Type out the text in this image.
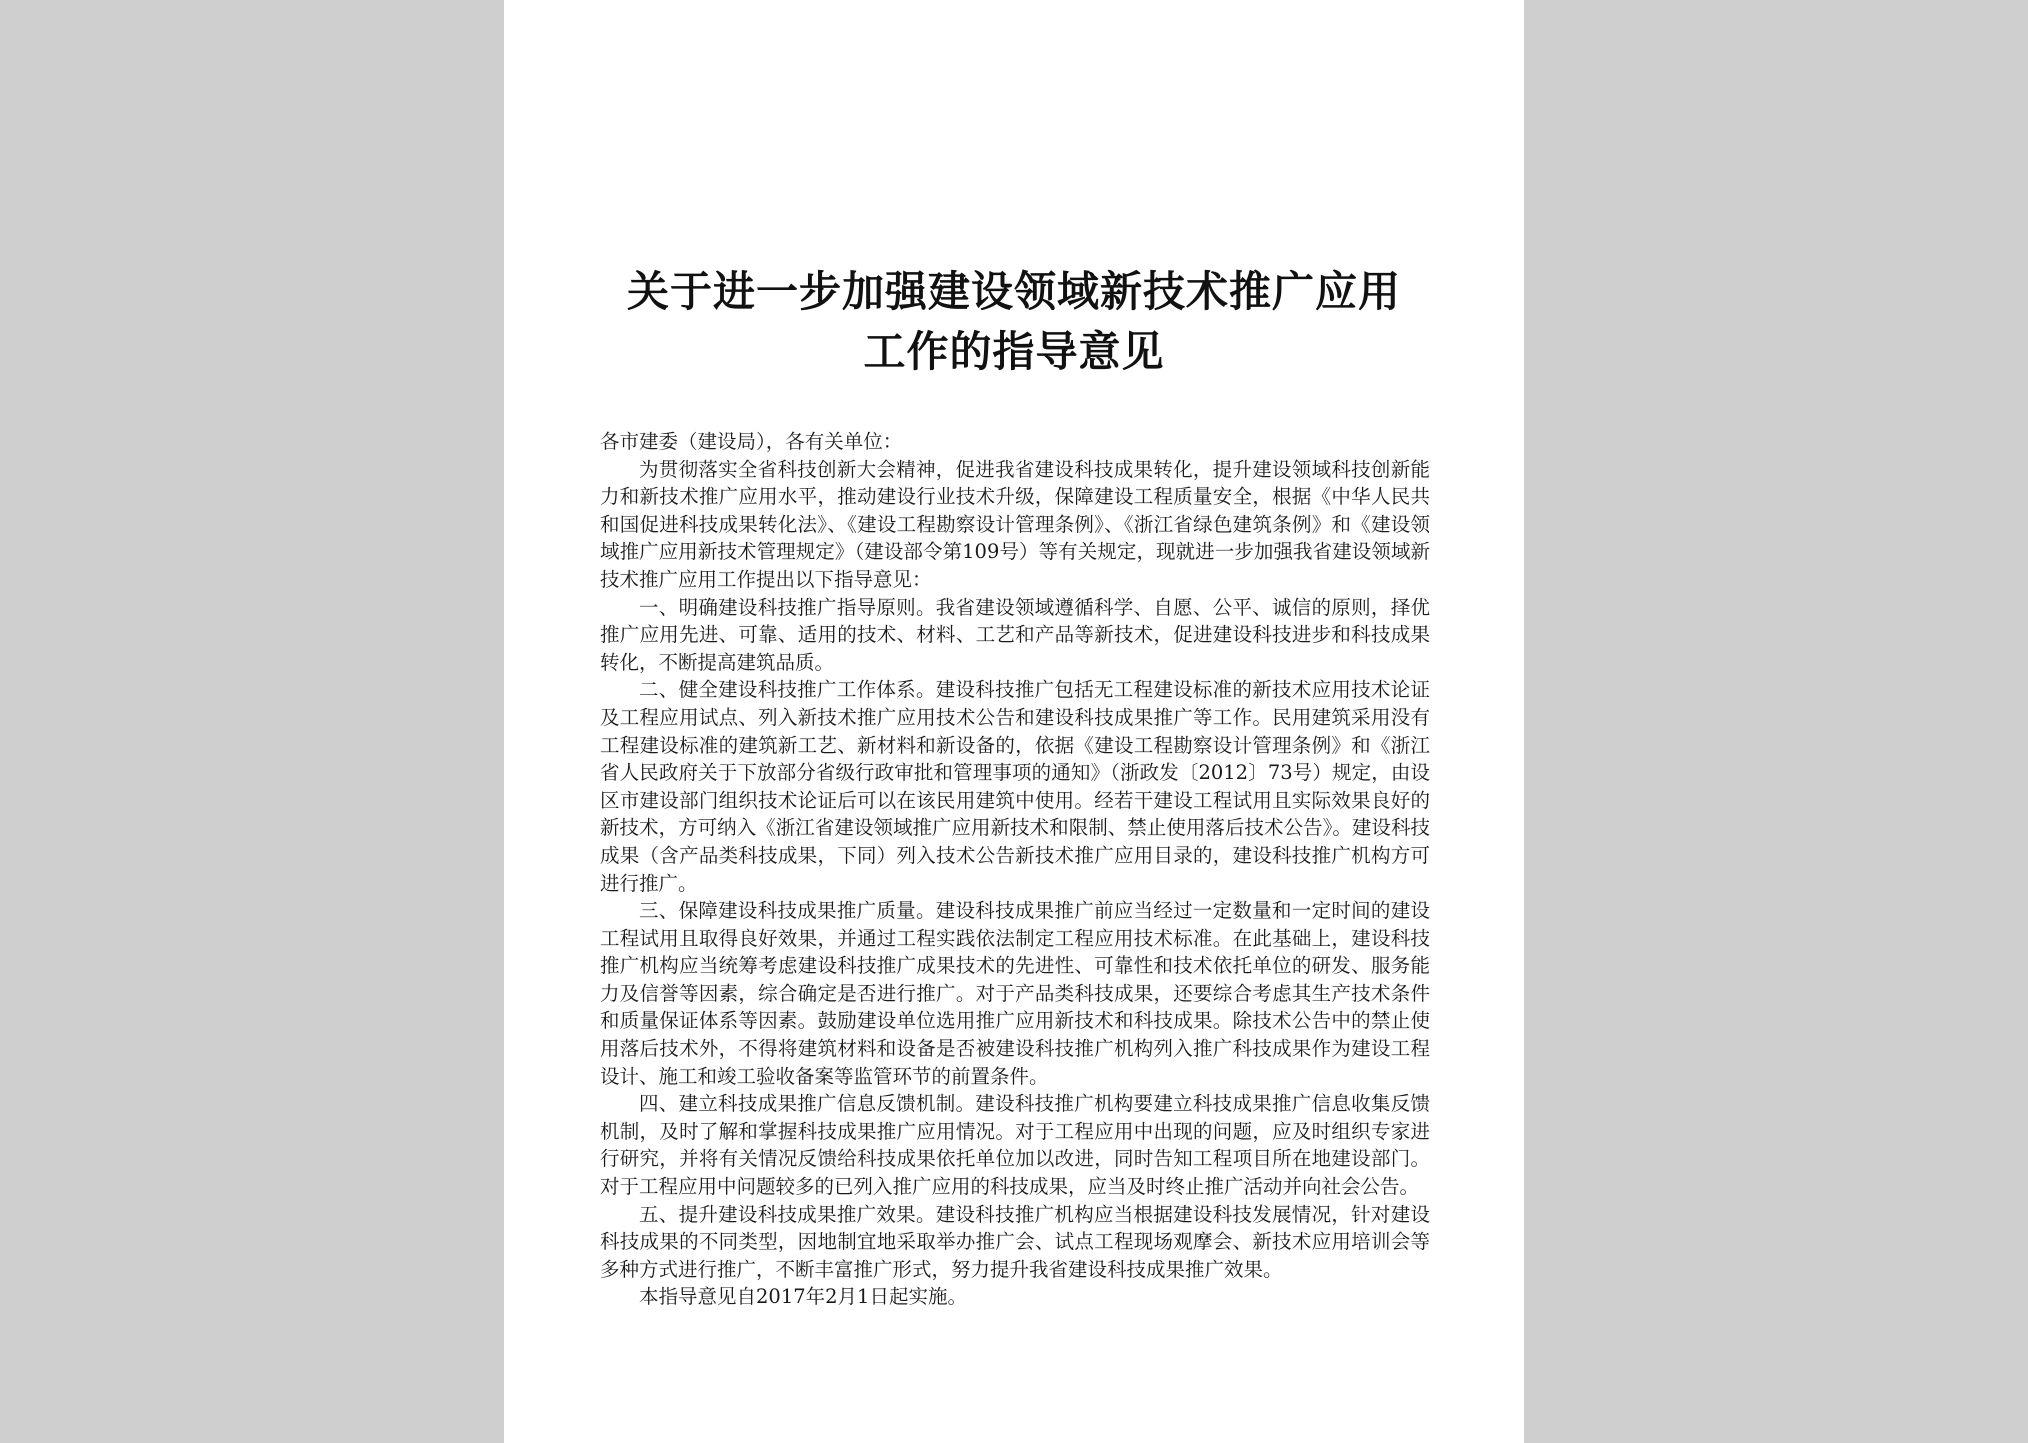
关于进一步加强建设领域新技术推广应用
工作的指导意见

各市建委（建设局），各有关单位：

为贯彻落实全省科技创新大会精神，促进我省建设科技成果转化，提升建设领域科技创新能力和新技术推广应用水平，推动建设行业技术升级，保障建设工程质量安全，根据《中华人民共和国促进科技成果转化法》、《建设工程勘察设计管理条例》、《浙江省绿色建筑条例》和《建设领域推广应用新技术管理规定》（建设部令第109号）等有关规定，现就进一步加强我省建设领域新技术推广应用工作提出以下指导意见：

一、明确建设科技推广指导原则。我省建设领域遵循科学、自愿、公平、诚信的原则，择优推广应用先进、可靠、适用的技术、材料、工艺和产品等新技术，促进建设科技进步和科技成果转化，不断提高建筑品质。

二、健全建设科技推广工作体系。建设科技推广包括无工程建设标准的新技术应用技术论证及工程应用试点、列入新技术推广应用技术公告和建设科技成果推广等工作。民用建筑采用没有工程建设标准的建筑新工艺、新材料和新设备的，依据《建设工程勘察设计管理条例》和《浙江省人民政府关于下放部分省级行政审批和管理事项的通知》（浙政发〔2012〕73号）规定，由设区市建设部门组织技术论证后可以在该民用建筑中使用。经若干建设工程试用且实际效果良好的新技术，方可纳入《浙江省建设领域推广应用新技术和限制、禁止使用落后技术公告》。建设科技成果（含产品类科技成果，下同）列入技术公告新技术推广应用目录的，建设科技推广机构方可进行推广。

三、保障建设科技成果推广质量。建设科技成果推广前应当经过一定数量和一定时间的建设工程试用且取得良好效果，并通过工程实践依法制定工程应用技术标准。在此基础上，建设科技推广机构应当统筹考虑建设科技推广成果技术的先进性、可靠性和技术依托单位的研发、服务能力及信誉等因素，综合确定是否进行推广。对于产品类科技成果，还要综合考虑其生产技术条件和质量保证体系等因素。鼓励建设单位选用推广应用新技术和科技成果。除技术公告中的禁止使用落后技术外，不得将建筑材料和设备是否被建设科技推广机构列入推广科技成果作为建设工程设计、施工和竣工验收备案等监管环节的前置条件。

四、建立科技成果推广信息反馈机制。建设科技推广机构要建立科技成果推广信息收集反馈机制，及时了解和掌握科技成果推广应用情况。对于工程应用中出现的问题，应及时组织专家进行研究，并将有关情况反馈给科技成果依托单位加以改进，同时告知工程项目所在地建设部门。对于工程应用中问题较多的已列入推广应用的科技成果，应当及时终止推广活动并向社会公告。

五、提升建设科技成果推广效果。建设科技推广机构应当根据建设科技发展情况，针对建设科技成果的不同类型，因地制宜地采取举办推广会、试点工程现场观摩会、新技术应用培训会等多种方式进行推广，不断丰富推广形式，努力提升我省建设科技成果推广效果。

本指导意见自2017年2月1日起实施。
